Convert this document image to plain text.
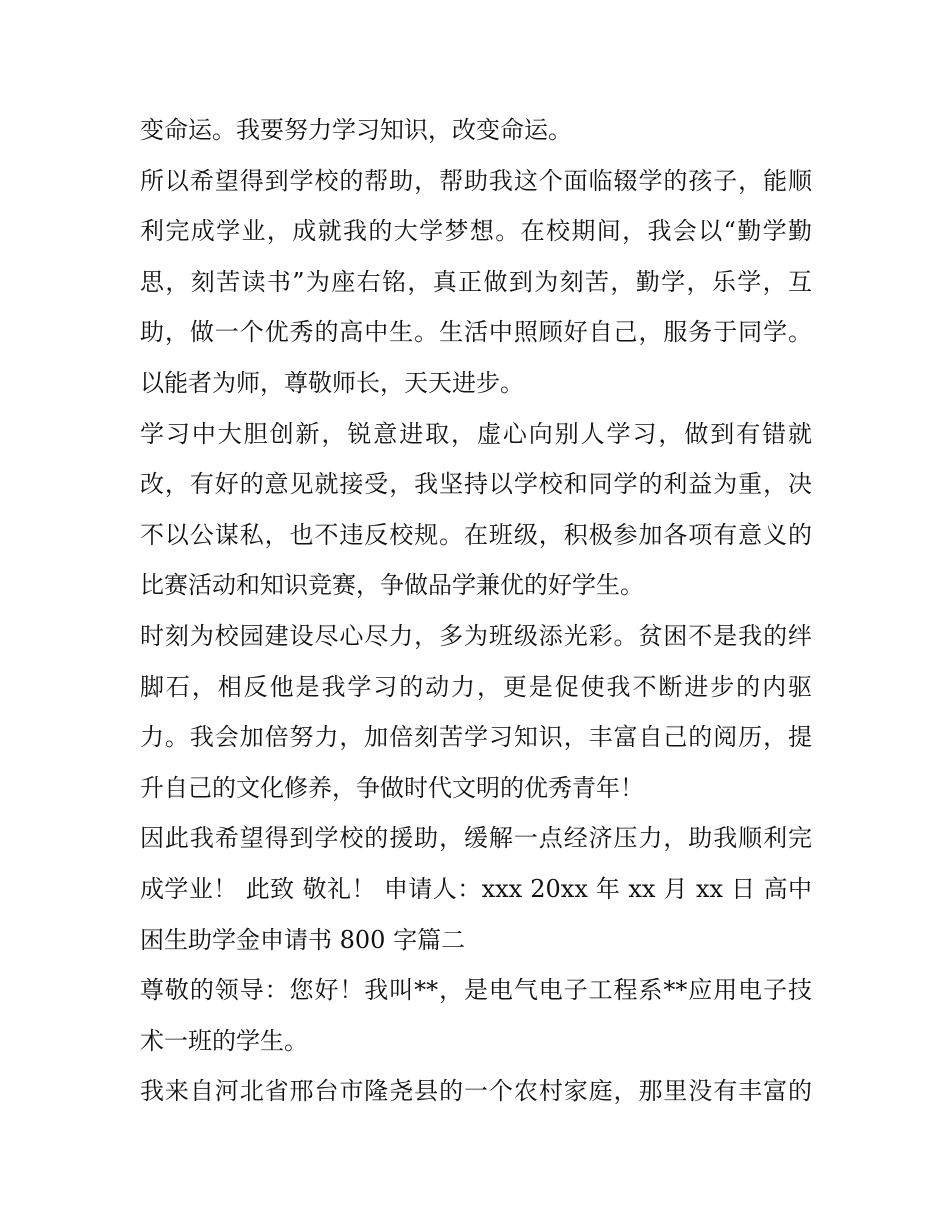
变命运。我要努力学习知识，改变命运。
所以希望得到学校的帮助，帮助我这个面临辍学的孩子，能顺
利完成学业，成就我的大学梦想。在校期间，我会以“勤学勤
思，刻苦读书”为座右铭，真正做到为刻苦，勤学，乐学，互
助，做一个优秀的高中生。生活中照顾好自己，服务于同学。
以能者为师，尊敬师长，天天进步。
学习中大胆创新，锐意进取，虚心向别人学习，做到有错就
改，有好的意见就接受，我坚持以学校和同学的利益为重，决
不以公谋私，也不违反校规。在班级，积极参加各项有意义的
比赛活动和知识竞赛，争做品学兼优的好学生。
时刻为校园建设尽心尽力，多为班级添光彩。贫困不是我的绊
脚石，相反他是我学习的动力，更是促使我不断进步的内驱
力。我会加倍努力，加倍刻苦学习知识，丰富自己的阅历，提
升自己的文化修养，争做时代文明的优秀青年！
因此我希望得到学校的援助，缓解一点经济压力，助我顺利完
成学业！ 此致 敬礼！ 申请人：xxx 20xx 年 xx 月 xx 日 高中
困生助学金申请书 800 字篇二
尊敬的领导：您好！我叫**，是电气电子工程系**应用电子技
术一班的学生。
我来自河北省邢台市隆尧县的一个农村家庭，那里没有丰富的
